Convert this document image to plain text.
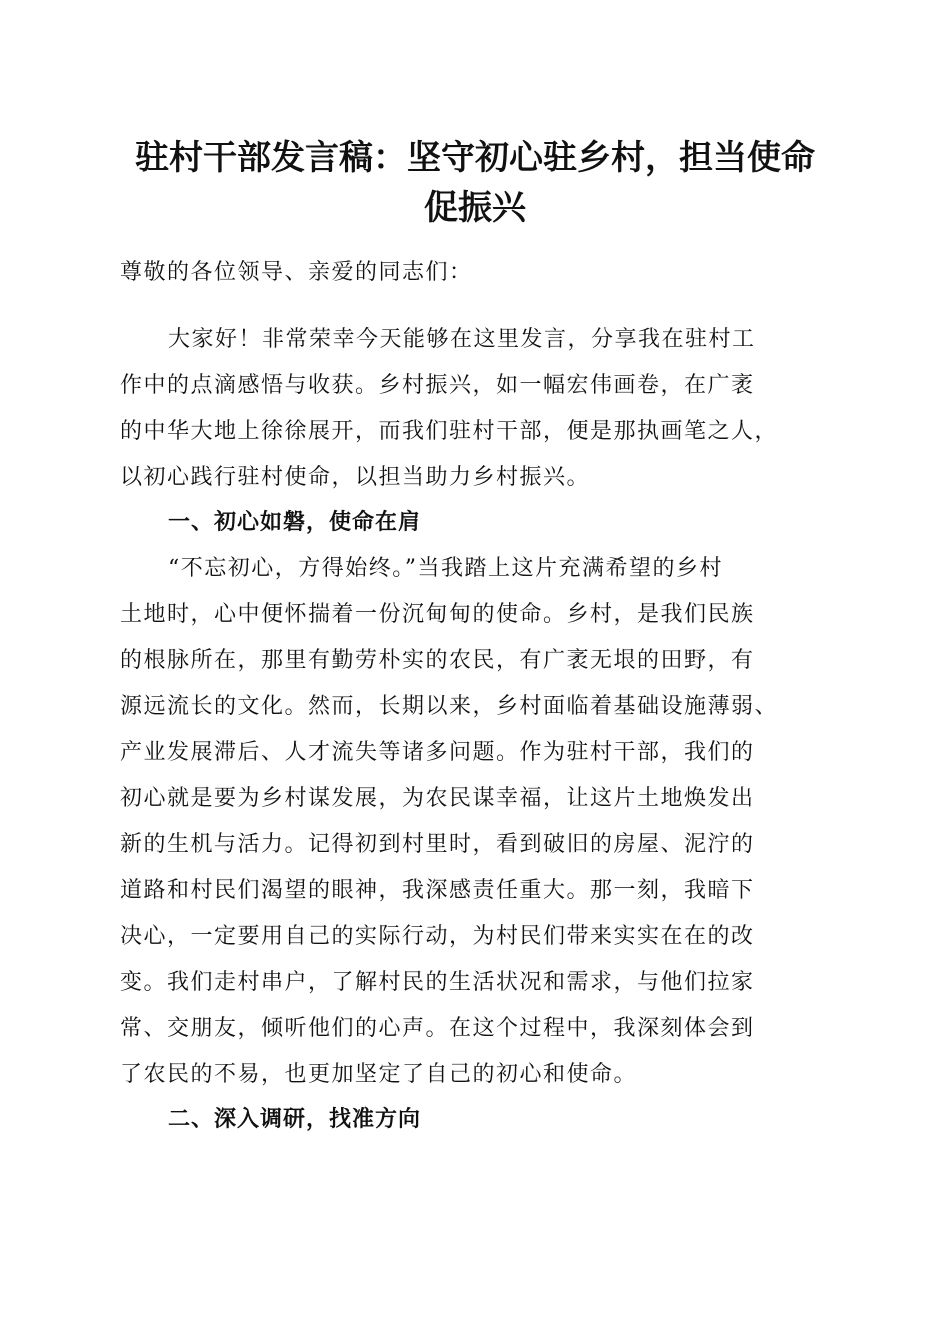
驻村干部发言稿：坚守初心驻乡村，担当使命
促振兴
尊敬的各位领导、亲爱的同志们：
大家好！非常荣幸今天能够在这里发言，分享我在驻村工
作中的点滴感悟与收获。乡村振兴，如一幅宏伟画卷，在广袤
的中华大地上徐徐展开，而我们驻村干部，便是那执画笔之人，
以初心践行驻村使命，以担当助力乡村振兴。
一、初心如磐，使命在肩
“不忘初心，方得始终。”当我踏上这片充满希望的乡村
土地时，心中便怀揣着一份沉甸甸的使命。乡村，是我们民族
的根脉所在，那里有勤劳朴实的农民，有广袤无垠的田野，有
源远流长的文化。然而，长期以来，乡村面临着基础设施薄弱、
产业发展滞后、人才流失等诸多问题。作为驻村干部，我们的
初心就是要为乡村谋发展，为农民谋幸福，让这片土地焕发出
新的生机与活力。记得初到村里时，看到破旧的房屋、泥泞的
道路和村民们渴望的眼神，我深感责任重大。那一刻，我暗下
决心，一定要用自己的实际行动，为村民们带来实实在在的改
变。我们走村串户，了解村民的生活状况和需求，与他们拉家
常、交朋友，倾听他们的心声。在这个过程中，我深刻体会到
了农民的不易，也更加坚定了自己的初心和使命。
二、深入调研，找准方向
